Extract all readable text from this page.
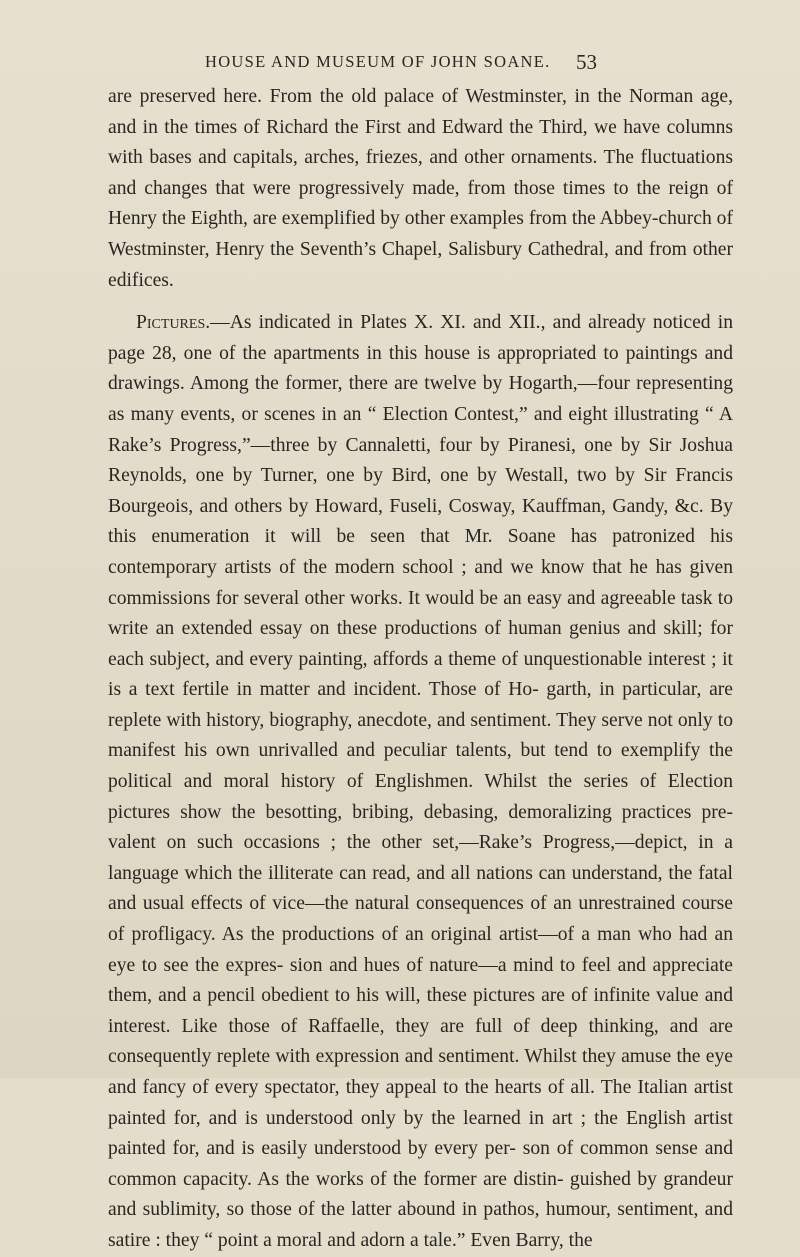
HOUSE AND MUSEUM OF JOHN SOANE. 53

are preserved here. From the old palace of Westminster, in the Norman age, and in the times of Richard the First and Edward the Third, we have columns with bases and capitals, arches, friezes, and other ornaments. The fluctuations and changes that were progressively made, from those times to the reign of Henry the Eighth, are exemplified by other examples from the Abbey-church of Westminster, Henry the Seventh’s Chapel, Salisbury Cathedral, and from other edifices.

Pictures.—As indicated in Plates X. XI. and XII., and already noticed in page 28, one of the apartments in this house is appropriated to paintings and drawings. Among the former, there are twelve by Hogarth,—four representing as many events, or scenes in an “ Election Contest,” and eight illustrating “ A Rake’s Progress,”—three by Cannaletti, four by Piranesi, one by Sir Joshua Reynolds, one by Turner, one by Bird, one by Westall, two by Sir Francis Bourgeois, and others by Howard, Fuseli, Cosway, Kauffman, Gandy, &c. By this enumeration it will be seen that Mr. Soane has patronized his contemporary artists of the modern school ; and we know that he has given commissions for several other works. It would be an easy and agreeable task to write an extended essay on these productions of human genius and skill; for each subject, and every painting, affords a theme of unquestionable interest ; it is a text fertile in matter and incident. Those of Ho- garth, in particular, are replete with history, biography, anecdote, and sentiment. They serve not only to manifest his own unrivalled and peculiar talents, but tend to exemplify the political and moral history of Englishmen. Whilst the series of Election pictures show the besotting, bribing, debasing, demoralizing practices pre- valent on such occasions ; the other set,—Rake’s Progress,—depict, in a language which the illiterate can read, and all nations can understand, the fatal and usual effects of vice—the natural consequences of an unrestrained course of profligacy. As the productions of an original artist—of a man who had an eye to see the expres- sion and hues of nature—a mind to feel and appreciate them, and a pencil obedient to his will, these pictures are of infinite value and interest. Like those of Raffaelle, they are full of deep thinking, and are consequently replete with expression and sentiment. Whilst they amuse the eye and fancy of every spectator, they appeal to the hearts of all. The Italian artist painted for, and is understood only by the learned in art ; the English artist painted for, and is easily understood by every per- son of common sense and common capacity. As the works of the former are distin- guished by grandeur and sublimity, so those of the latter abound in pathos, humour, sentiment, and satire : they “ point a moral and adorn a tale.” Even Barry, the
